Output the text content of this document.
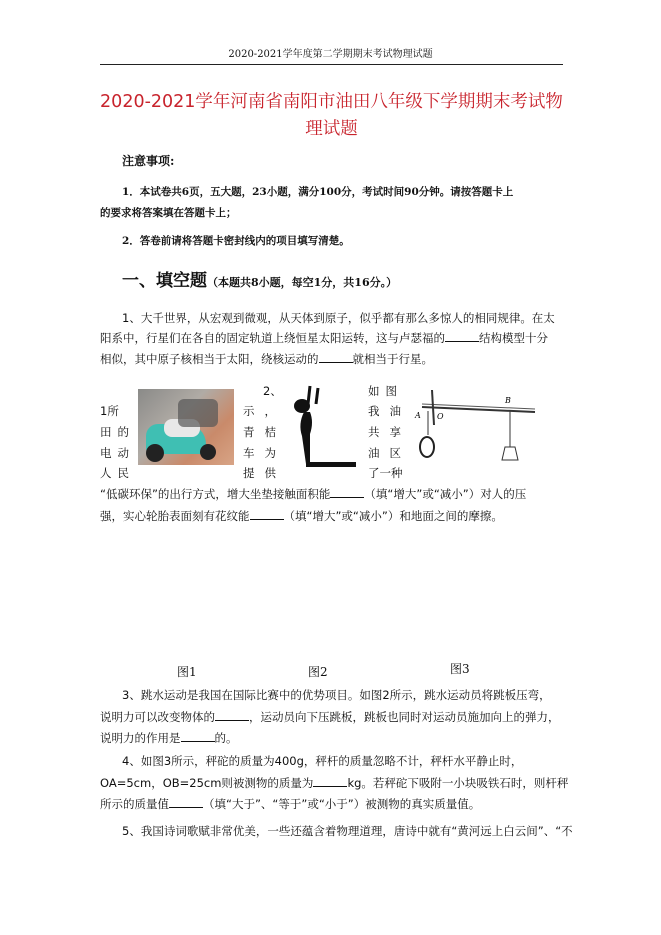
2020-2021学年度第二学期期末考试物理试题
2020-2021学年河南省南阳市油田八年级下学期期末考试物
理试题
注意事项:
1．本试卷共6页，五大题，23小题，满分100分，考试时间90分钟。请按答题卡上
的要求将答案填在答题卡上；
2．答卷前请将答题卡密封线内的项目填写清楚。
一、填空题（本题共8小题，每空1分，共16分。）
1、大千世界，从宏观到微观，从天体到原子，似乎都有那么多惊人的相同规律。在太
阳系中，行星们在各自的固定轨道上绕恒星太阳运转，这与卢瑟福的	结构模型十分
相似，其中原子核相当于太阳，绕核运动的	就相当于行星。
1所
田的
电动
人民
2、
示，
青桔
车为
提供
如图
我油
共享
油区
了一种
A O
B
“低碳环保”的出行方式，增大坐垫接触面积能	（填“增大”或“减小”）对人的压
强，实心轮胎表面刻有花纹能	（填“增大”或“减小”）和地面之间的摩擦。
图1	图2	图3
3、跳水运动是我国在国际比赛中的优势项目。如图2所示，跳水运动员将跳板压弯，
说明力可以改变物体的	，运动员向下压跳板，跳板也同时对运动员施加向上的弹力，
说明力的作用是	的。
4、如图3所示，秤砣的质量为400g，秤杆的质量忽略不计，秤杆水平静止时，
OA=5cm，OB=25cm则被测物的质量为	kg。若秤砣下吸附一小块吸铁石时，则杆秤
所示的质量值	（填“大于”、“等于”或“小于”）被测物的真实质量值。
5、我国诗词歌赋非常优美，一些还蕴含着物理道理，唐诗中就有“黄河远上白云间”、“不
